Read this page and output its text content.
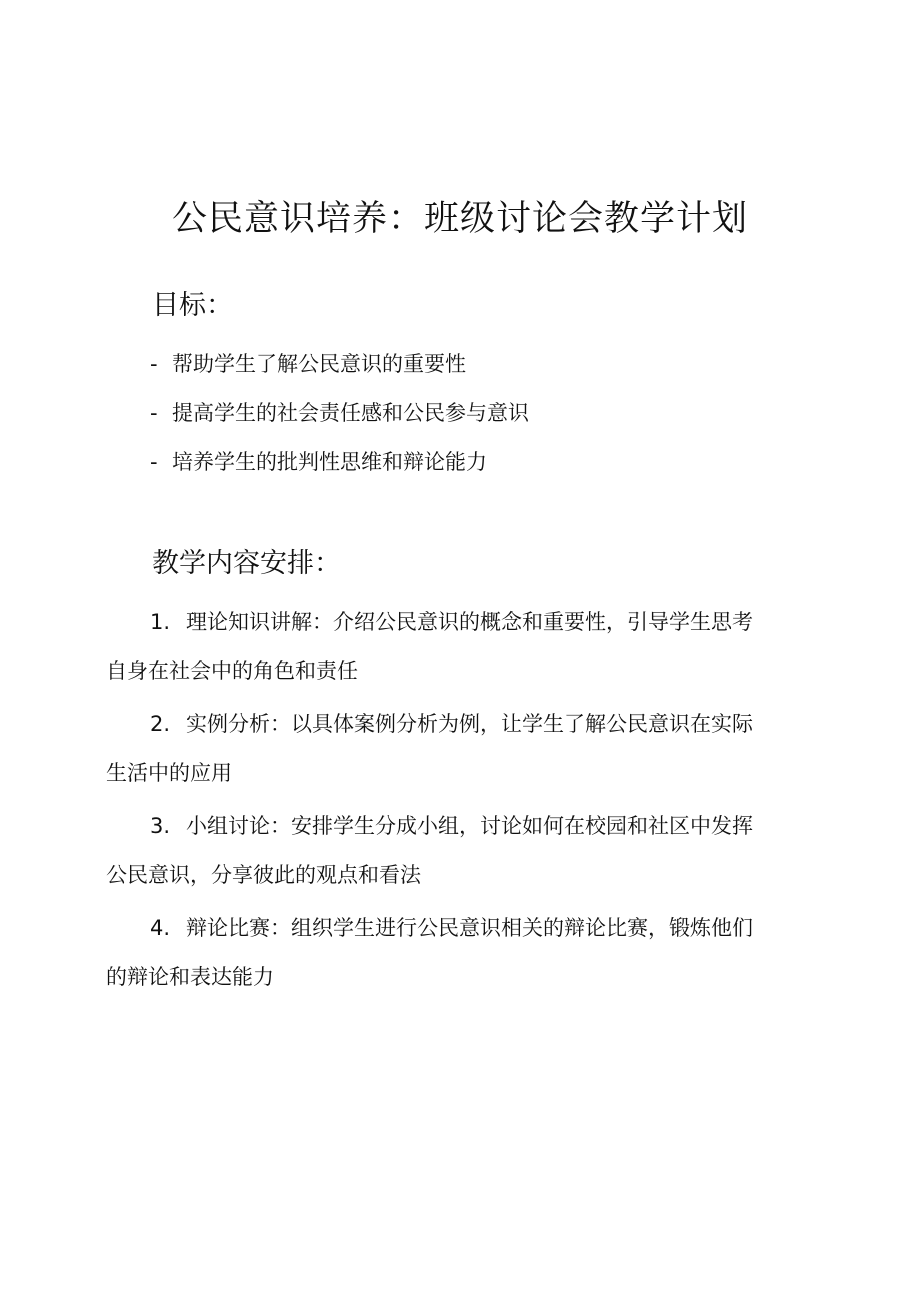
公民意识培养：班级讨论会教学计划
目标：
- 帮助学生了解公民意识的重要性
- 提高学生的社会责任感和公民参与意识
- 培养学生的批判性思维和辩论能力
教学内容安排：
1. 理论知识讲解：介绍公民意识的概念和重要性，引导学生思考
自身在社会中的角色和责任
2. 实例分析：以具体案例分析为例，让学生了解公民意识在实际
生活中的应用
3. 小组讨论：安排学生分成小组，讨论如何在校园和社区中发挥
公民意识，分享彼此的观点和看法
4. 辩论比赛：组织学生进行公民意识相关的辩论比赛，锻炼他们
的辩论和表达能力
